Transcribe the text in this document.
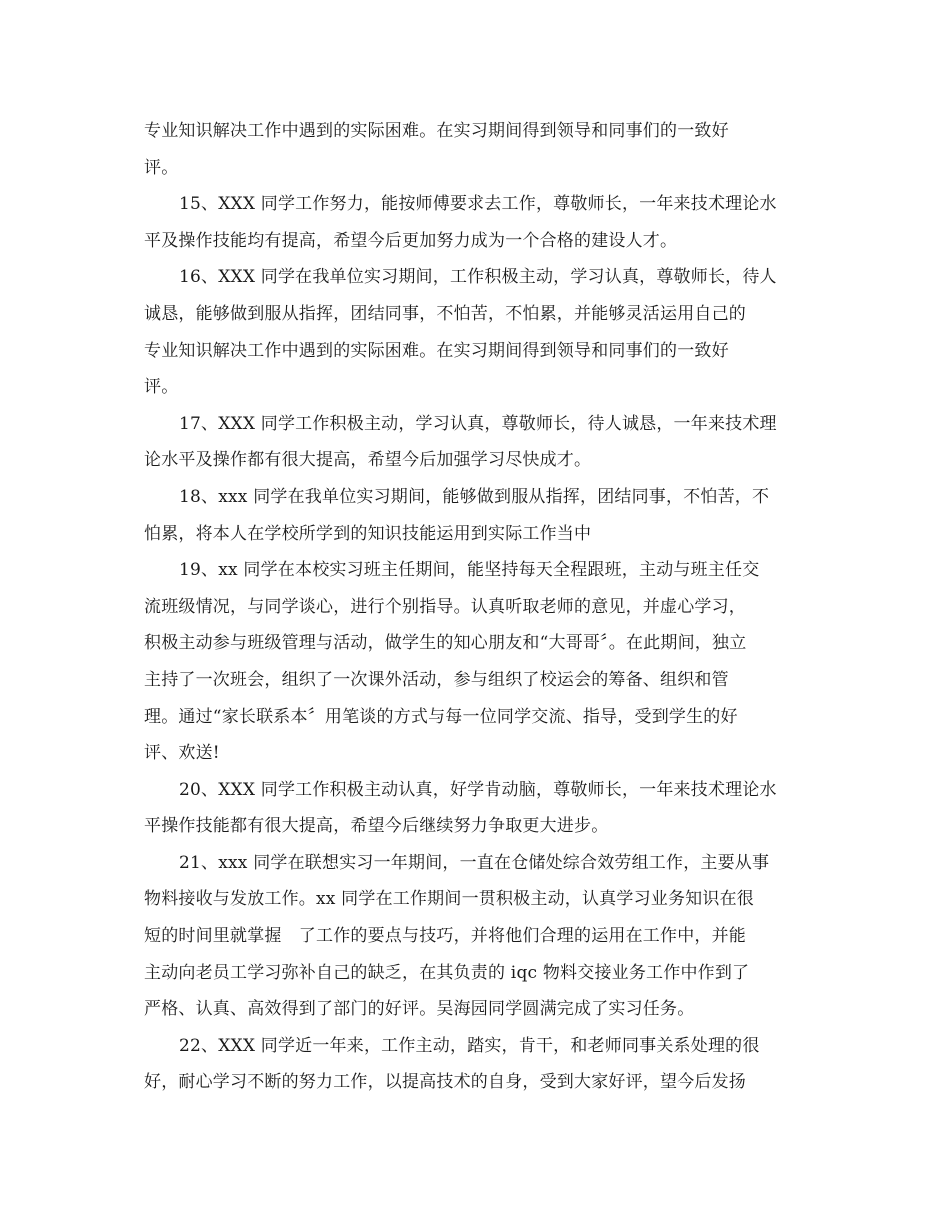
专业知识解决工作中遇到的实际困难。在实习期间得到领导和同事们的一致好
评。
15、XXX 同学工作努力，能按师傅要求去工作，尊敬师长，一年来技术理论水
平及操作技能均有提高，希望今后更加努力成为一个合格的建设人才。
16、XXX 同学在我单位实习期间，工作积极主动，学习认真，尊敬师长，待人
诚恳，能够做到服从指挥，团结同事，不怕苦，不怕累，并能够灵活运用自己的
专业知识解决工作中遇到的实际困难。在实习期间得到领导和同事们的一致好
评。
17、XXX 同学工作积极主动，学习认真，尊敬师长，待人诚恳，一年来技术理
论水平及操作都有很大提高，希望今后加强学习尽快成才。
18、xxx 同学在我单位实习期间，能够做到服从指挥，团结同事，不怕苦，不
怕累，将本人在学校所学到的知识技能运用到实际工作当中
19、xx 同学在本校实习班主任期间，能坚持每天全程跟班，主动与班主任交
流班级情况，与同学谈心，进行个别指导。认真听取老师的意见，并虚心学习，
积极主动参与班级管理与活动，做学生的知心朋友和“大哥哥〞。在此期间，独立
主持了一次班会，组织了一次课外活动，参与组织了校运会的筹备、组织和管
理。通过“家长联系本〞用笔谈的方式与每一位同学交流、指导，受到学生的好
评、欢送!
20、XXX 同学工作积极主动认真，好学肯动脑，尊敬师长，一年来技术理论水
平操作技能都有很大提高，希望今后继续努力争取更大进步。
21、xxx 同学在联想实习一年期间，一直在仓储处综合效劳组工作，主要从事
物料接收与发放工作。xx 同学在工作期间一贯积极主动，认真学习业务知识在很
短的时间里就掌握　了工作的要点与技巧，并将他们合理的运用在工作中，并能
主动向老员工学习弥补自己的缺乏，在其负责的 iqc 物料交接业务工作中作到了
严格、认真、高效得到了部门的好评。吴海园同学圆满完成了实习任务。
22、XXX 同学近一年来，工作主动，踏实，肯干，和老师同事关系处理的很
好，耐心学习不断的努力工作，以提高技术的自身，受到大家好评，望今后发扬
